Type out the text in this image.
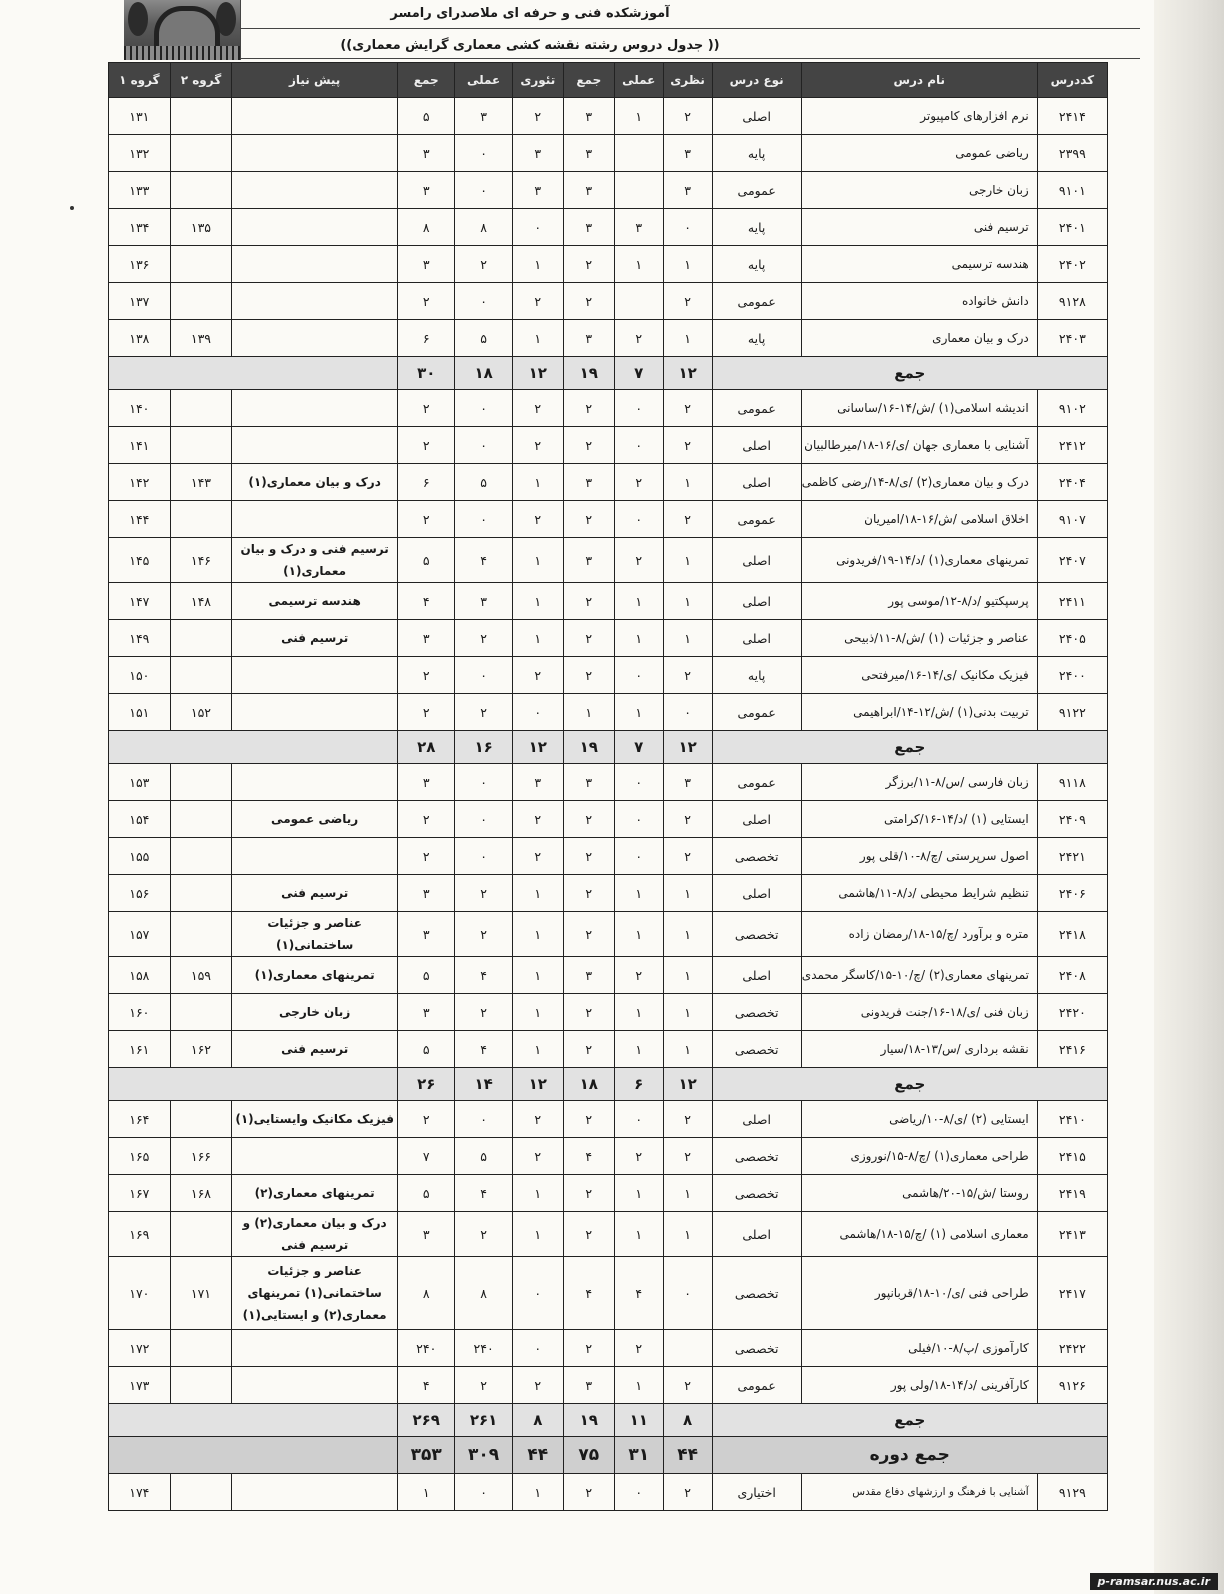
آموزشکده فنی و حرفه ای ملاصدرای رامسر
((جدول دروس رشته نقشه کشی معماری گرایش معماری ))
گروه ۱	گروه ۲	پیش نیاز	جمع	عملی	تئوری	جمع	عملی	نظری	نوع درس	نام درس	کددرس
۱۳۱			۵	۳	۲	۳	۱	۲	اصلی	نرم افزارهای کامپیوتر	۲۴۱۴
۱۳۲			۳	۰	۳	۳		۳	پایه	ریاضی عمومی	۲۳۹۹
۱۳۳			۳	۰	۳	۳		۳	عمومی	زبان خارجی	۹۱۰۱
۱۳۴	۱۳۵		۸	۸	۰	۳	۳	۰	پایه	ترسیم فنی	۲۴۰۱
۱۳۶			۳	۲	۱	۲	۱	۱	پایه	هندسه ترسیمی	۲۴۰۲
۱۳۷			۲	۰	۲	۲		۲	عمومی	دانش خانواده	۹۱۲۸
۱۳۸	۱۳۹		۶	۵	۱	۳	۲	۱	پایه	درک و بیان معماری	۲۴۰۳
			۳۰	۱۸	۱۲	۱۹	۷	۱۲	جمع		
۱۴۰			۲	۰	۲	۲	۰	۲	عمومی	اندیشه اسلامی(۱) /ش/۱۴-۱۶/ساسانی	۹۱۰۲
۱۴۱			۲	۰	۲	۲	۰	۲	اصلی	آشنایی با معماری جهان /ی/۱۶-۱۸/میرطالبیان	۲۴۱۲
۱۴۲	۱۴۳	درک و بیان معماری(۱)	۶	۵	۱	۳	۲	۱	اصلی	درک و بیان معماری(۲) /ی/۸-۱۴/رضی کاظمی	۲۴۰۴
۱۴۴			۲	۰	۲	۲	۰	۲	عمومی	اخلاق اسلامی /ش/۱۶-۱۸/امیریان	۹۱۰۷
۱۴۵	۱۴۶	ترسیم فنی و درک و بیان معماری(۱)	۵	۴	۱	۳	۲	۱	اصلی	تمرینهای معماری(۱) /د/۱۴-۱۹/فریدونی	۲۴۰۷
۱۴۷	۱۴۸	هندسه ترسیمی	۴	۳	۱	۲	۱	۱	اصلی	پرسپکتیو /د/۸-۱۲/موسی پور	۲۴۱۱
۱۴۹		ترسیم فنی	۳	۲	۱	۲	۱	۱	اصلی	عناصر و جزئیات (۱) /ش/۸-۱۱/ذبیحی	۲۴۰۵
۱۵۰			۲	۰	۲	۲	۰	۲	پایه	فیزیک مکانیک /ی/۱۴-۱۶/میرفتحی	۲۴۰۰
۱۵۱	۱۵۲		۲	۲	۰	۱	۱	۰	عمومی	تربیت بدنی(۱) /ش/۱۲-۱۴/ابراهیمی	۹۱۲۲
			۲۸	۱۶	۱۲	۱۹	۷	۱۲	جمع		
۱۵۳			۳	۰	۳	۳	۰	۳	عمومی	زبان فارسی /س/۸-۱۱/برزگر	۹۱۱۸
۱۵۴		ریاضی عمومی	۲	۰	۲	۲	۰	۲	اصلی	ایستایی (۱) /د/۱۴-۱۶/کرامتی	۲۴۰۹
۱۵۵			۲	۰	۲	۲	۰	۲	تخصصی	اصول سرپرستی /چ/۸-۱۰/قلی پور	۲۴۲۱
۱۵۶		ترسیم فنی	۳	۲	۱	۲	۱	۱	اصلی	تنظیم شرایط محیطی /د/۸-۱۱/هاشمی	۲۴۰۶
۱۵۷		عناصر و جزئیات ساختمانی(۱)	۳	۲	۱	۲	۱	۱	تخصصی	متره و برآورد /چ/۱۵-۱۸/رمضان زاده	۲۴۱۸
۱۵۸	۱۵۹	تمرینهای معماری(۱)	۵	۴	۱	۳	۲	۱	اصلی	تمرینهای معماری(۲) /چ/۱۰-۱۵/کاسگر محمدی	۲۴۰۸
۱۶۰		زبان خارجی	۳	۲	۱	۲	۱	۱	تخصصی	زبان فنی /ی/۱۸-۱۶/جنت فریدونی	۲۴۲۰
۱۶۱	۱۶۲	ترسیم فنی	۵	۴	۱	۲	۱	۱	تخصصی	نقشه برداری /س/۱۳-۱۸/سیار	۲۴۱۶
			۲۶	۱۴	۱۲	۱۸	۶	۱۲	جمع		
۱۶۴		فیزیک مکانیک وایستایی(۱)	۲	۰	۲	۲	۰	۲	اصلی	ایستایی (۲) /ی/۸-۱۰/ریاضی	۲۴۱۰
۱۶۵	۱۶۶		۷	۵	۲	۴	۲	۲	تخصصی	طراحی معماری(۱) /چ/۸-۱۵/نوروزی	۲۴۱۵
۱۶۷	۱۶۸	تمرینهای معماری(۲)	۵	۴	۱	۲	۱	۱	تخصصی	روستا /ش/۱۵-۲۰/هاشمی	۲۴۱۹
۱۶۹		درک و بیان معماری(۲) و ترسیم فنی	۳	۲	۱	۲	۱	۱	اصلی	معماری اسلامی (۱) /چ/۱۵-۱۸/هاشمی	۲۴۱۳
۱۷۰	۱۷۱	عناصر و جزئیات ساختمانی(۱) تمرینهای معماری(۲) و ایستایی(۱)	۸	۸	۰	۴	۴	۰	تخصصی	طراحی فنی /ی/۱۰-۱۸/قربانپور	۲۴۱۷
۱۷۲			۲۴۰	۲۴۰	۰	۲	۲		تخصصی	کارآموزی /پ/۸-۱۰/فیلی	۲۴۲۲
۱۷۳			۴	۲	۲	۳	۱	۲	عمومی	کارآفرینی /د/۱۴-۱۸/ولی پور	۹۱۲۶
			۲۶۹	۲۶۱	۸	۱۹	۱۱	۸	جمع		
			۳۵۳	۳۰۹	۴۴	۷۵	۳۱	۴۴	جمع دوره		
۱۷۴			۱	۰	۱	۲	۰	۲	اختیاری	آشنایی با فرهنگ و ارزشهای دفاع مقدس	۹۱۲۹
p-ramsar.nus.ac.ir
